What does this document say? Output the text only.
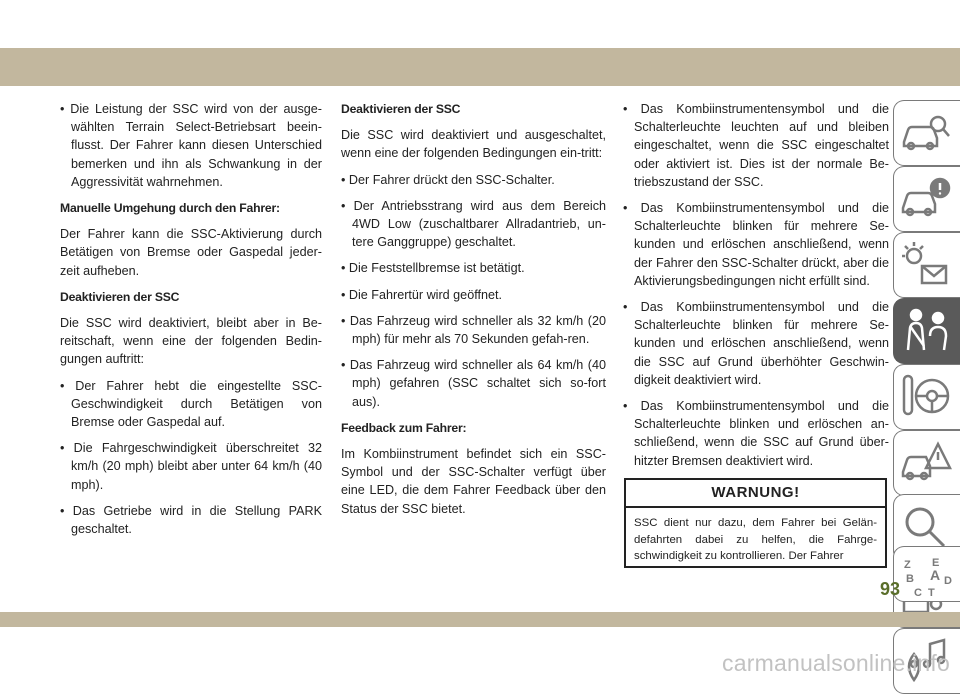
• Die Leistung der SSC wird von der ausge-wählten Terrain Select-Betriebsart beein-flusst. Der Fahrer kann diesen Unterschied bemerken und ihn als Schwankung in der Aggressivität wahrnehmen.

Manuelle Umgehung durch den Fahrer:

Der Fahrer kann die SSC-Aktivierung durch Betätigen von Bremse oder Gaspedal jeder-zeit aufheben.

Deaktivieren der SSC

Die SSC wird deaktiviert, bleibt aber in Be-reitschaft, wenn eine der folgenden Bedin-gungen auftritt:

• Der Fahrer hebt die eingestellte SSC-Geschwindigkeit durch Betätigen von Bremse oder Gaspedal auf.

• Die Fahrgeschwindigkeit überschreitet 32 km/h (20 mph) bleibt aber unter 64 km/h (40 mph).

• Das Getriebe wird in die Stellung PARK geschaltet.

Deaktivieren der SSC

Die SSC wird deaktiviert und ausgeschaltet, wenn eine der folgenden Bedingungen ein-tritt:

• Der Fahrer drückt den SSC-Schalter.

• Der Antriebsstrang wird aus dem Bereich 4WD Low (zuschaltbarer Allradantrieb, un-tere Ganggruppe) geschaltet.

• Die Feststellbremse ist betätigt.

• Die Fahrertür wird geöffnet.

• Das Fahrzeug wird schneller als 32 km/h (20 mph) für mehr als 70 Sekunden gefah-ren.

• Das Fahrzeug wird schneller als 64 km/h (40 mph) gefahren (SSC schaltet sich so-fort aus).

Feedback zum Fahrer:

Im Kombiinstrument befindet sich ein SSC-Symbol und der SSC-Schalter verfügt über eine LED, die dem Fahrer Feedback über den Status der SSC bietet.

• Das Kombiinstrumentensymbol und die Schalterleuchte leuchten auf und bleiben eingeschaltet, wenn die SSC eingeschaltet oder aktiviert ist. Dies ist der normale Be-triebszustand der SSC.

• Das Kombiinstrumentensymbol und die Schalterleuchte blinken für mehrere Se-kunden und erlöschen anschließend, wenn der Fahrer den SSC-Schalter drückt, aber die Aktivierungsbedingungen nicht erfüllt sind.

• Das Kombiinstrumentensymbol und die Schalterleuchte blinken für mehrere Se-kunden und erlöschen anschließend, wenn die SSC auf Grund überhöhter Geschwin-digkeit deaktiviert wird.

• Das Kombiinstrumentensymbol und die Schalterleuchte blinken und erlöschen an-schließend, wenn die SSC auf Grund über-hitzter Bremsen deaktiviert wird.

WARNUNG!
SSC dient nur dazu, dem Fahrer bei Gelän-defahrten dabei zu helfen, die Fahrge-schwindigkeit zu kontrollieren. Der Fahrer
Z E
B A D
C T
93
carmanualsonline.info
